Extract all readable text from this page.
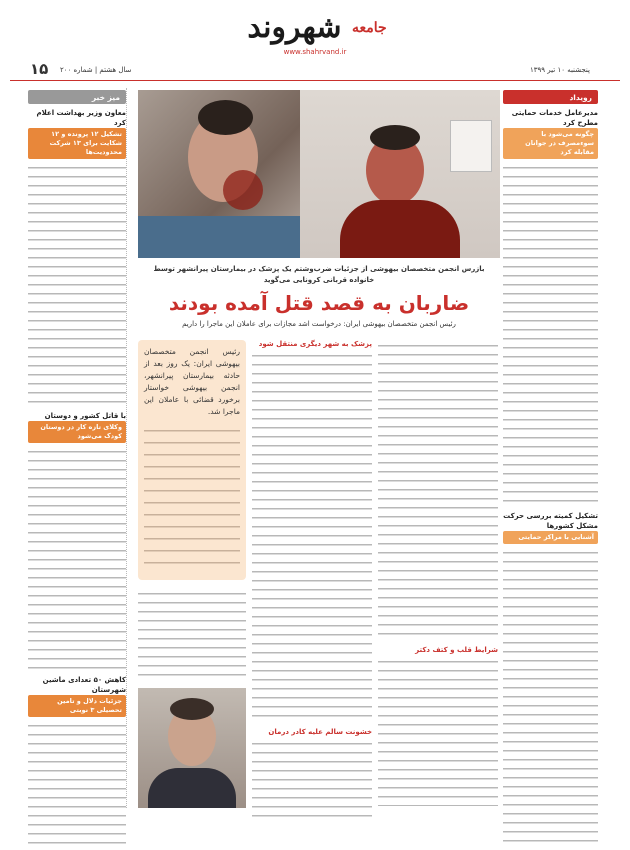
$^{جامعه}$ شهروند
www.shahrvand.ir
پنجشنبه ۱۰ تیر ۱۳۹۹
سال هشتم | شماره ۲۰۰
۱۵
میز خبر
معاون وزیر بهداشت اعلام کرد
تشکیل ۱۲ پرونده و ۱۲ شکایت برای ۱۳ شرکت محدودیت‌ها
با قاتل کشور و دوستان
وکلای تازه کار در دوستان کودک می‌شود
کاهش ۵۰ تعدادی ماشین شهرستان
جزئیات دلال و تامین تحصیلی ۳ نوبتی
رویداد
مدیرعامل خدمات حمایتی مطرح کرد
چگونه می‌شود با سوءمصرف در جوانان مقابله کرد
تشکیل کمیته بررسی حرکت مشکل کشورها
آشنایی با مراکز حمایتی
بازرس انجمن متخصصان بیهوشی از جزئیات ضرب‌وشتم یک پزشک در بیمارستان پیرانشهر توسط خانواده قربانی کرونایی می‌گوید
ضاربان به قصد قتل آمده بودند
رئیس انجمن متخصصان بیهوشی ایران: درخواست اشد مجازات برای عاملان این ماجرا را داریم
رئیس انجمن متخصصان بیهوشی ایران: یک روز بعد از حادثه بیمارستان پیرانشهر، انجمن بیهوشی خواستار برخورد قضائی با عاملان این ماجرا شد.
پزشک به شهر دیگری منتقل شود
خشونت سالم علیه کادر درمان
شرایط قلب و کتف دکتر
